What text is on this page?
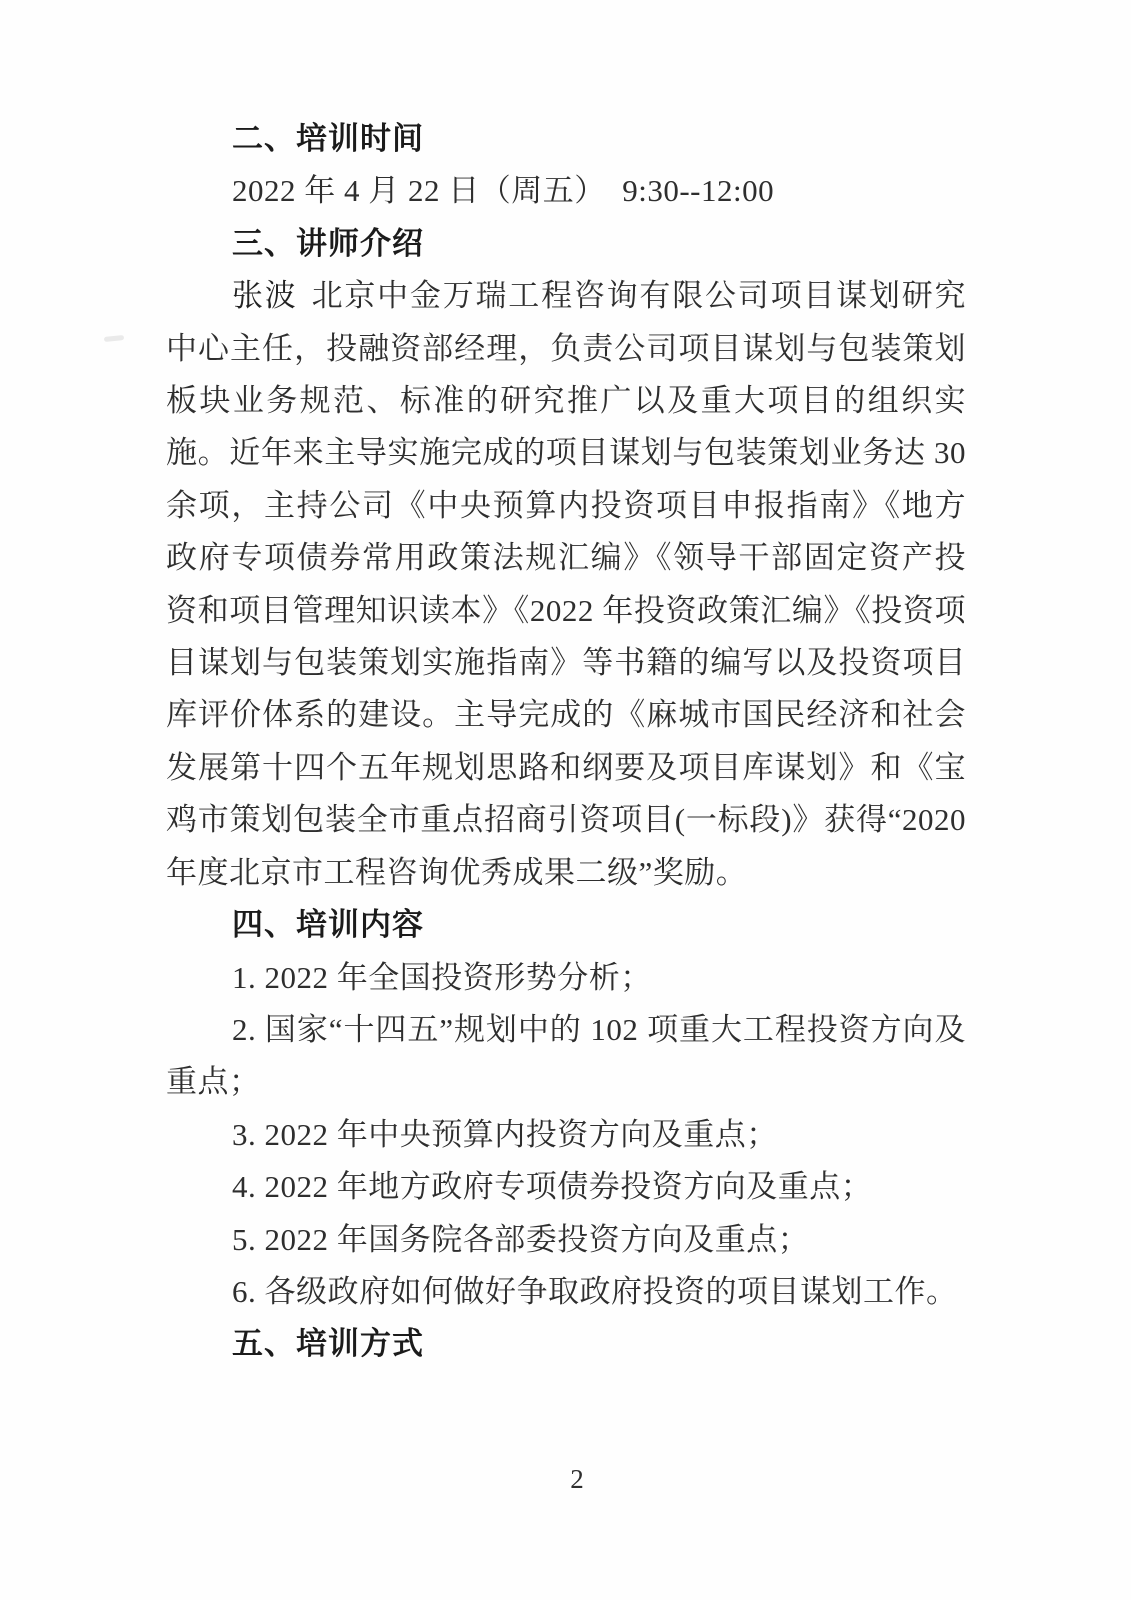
二、培训时间

2022 年 4 月 22 日（周五）  9:30--12:00

三、讲师介绍

张波 北京中金万瑞工程咨询有限公司项目谋划研究中心主任，投融资部经理，负责公司项目谋划与包装策划板块业务规范、标准的研究推广以及重大项目的组织实施。近年来主导实施完成的项目谋划与包装策划业务达 30 余项，主持公司《中央预算内投资项目申报指南》《地方政府专项债券常用政策法规汇编》《领导干部固定资产投资和项目管理知识读本》《2022 年投资政策汇编》《投资项目谋划与包装策划实施指南》等书籍的编写以及投资项目库评价体系的建设。主导完成的《麻城市国民经济和社会发展第十四个五年规划思路和纲要及项目库谋划》和《宝鸡市策划包装全市重点招商引资项目(一标段)》获得“2020 年度北京市工程咨询优秀成果二级”奖励。

四、培训内容

1. 2022 年全国投资形势分析；

2. 国家“十四五”规划中的 102 项重大工程投资方向及重点；

3. 2022 年中央预算内投资方向及重点；

4. 2022 年地方政府专项债券投资方向及重点；

5. 2022 年国务院各部委投资方向及重点；

6. 各级政府如何做好争取政府投资的项目谋划工作。

五、培训方式
2
